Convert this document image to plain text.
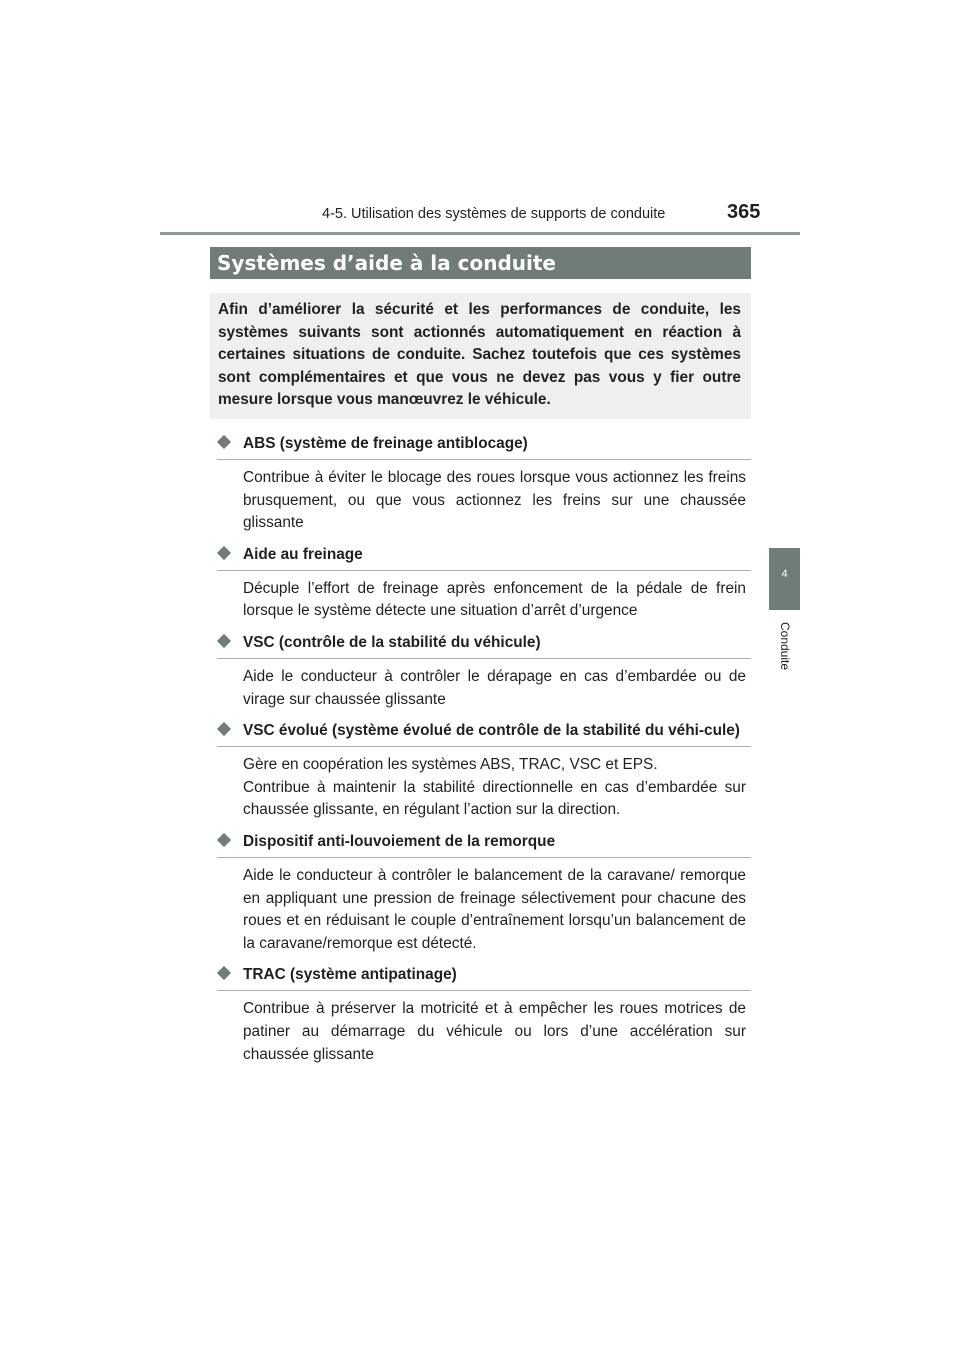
4-5. Utilisation des systèmes de supports de conduite	365
4
Conduite
Systèmes d’aide à la conduite
Afin d’améliorer la sécurité et les performances de conduite, les systèmes suivants sont actionnés automatiquement en réaction à certaines situations de conduite. Sachez toutefois que ces systèmes sont complémentaires et que vous ne devez pas vous y fier outre mesure lorsque vous manœuvrez le véhicule.
ABS (système de freinage antiblocage)
Contribue à éviter le blocage des roues lorsque vous actionnez les freins brusquement, ou que vous actionnez les freins sur une chaussée glissante
Aide au freinage
Décuple l’effort de freinage après enfoncement de la pédale de frein lorsque le système détecte une situation d’arrêt d’urgence
VSC (contrôle de la stabilité du véhicule)
Aide le conducteur à contrôler le dérapage en cas d’embardée ou de virage sur chaussée glissante
VSC évolué (système évolué de contrôle de la stabilité du véhi-cule)
Gère en coopération les systèmes ABS, TRAC, VSC et EPS.
Contribue à maintenir la stabilité directionnelle en cas d’embardée sur chaussée glissante, en régulant l’action sur la direction.
Dispositif anti-louvoiement de la remorque
Aide le conducteur à contrôler le balancement de la caravane/ remorque en appliquant une pression de freinage sélectivement pour chacune des roues et en réduisant le couple d’entraînement lorsqu’un balancement de la caravane/remorque est détecté.
TRAC (système antipatinage)
Contribue à préserver la motricité et à empêcher les roues motrices de patiner au démarrage du véhicule ou lors d’une accélération sur chaussée glissante
